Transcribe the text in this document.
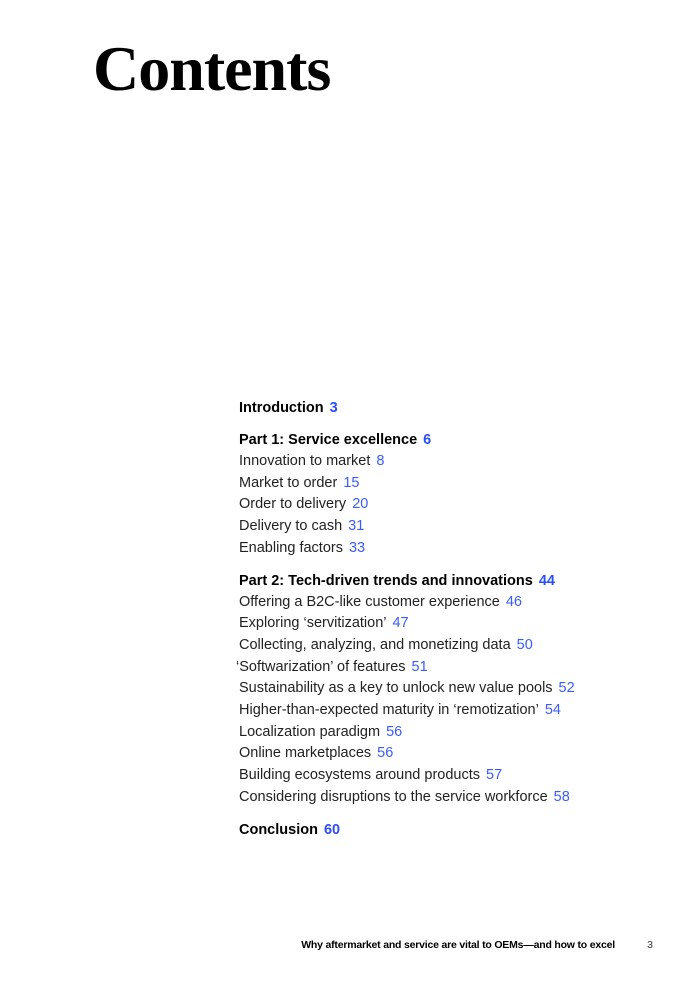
Contents
Introduction 3
Part 1: Service excellence 6
Innovation to market 8
Market to order 15
Order to delivery 20
Delivery to cash 31
Enabling factors 33
Part 2: Tech-driven trends and innovations 44
Offering a B2C-like customer experience 46
Exploring ‘servitization’ 47
Collecting, analyzing, and monetizing data 50
‘Softwarization’ of features 51
Sustainability as a key to unlock new value pools 52
Higher-than-expected maturity in ‘remotization’ 54
Localization paradigm 56
Online marketplaces 56
Building ecosystems around products 57
Considering disruptions to the service workforce 58
Conclusion 60
Why aftermarket and service are vital to OEMs—and how to excel	3
